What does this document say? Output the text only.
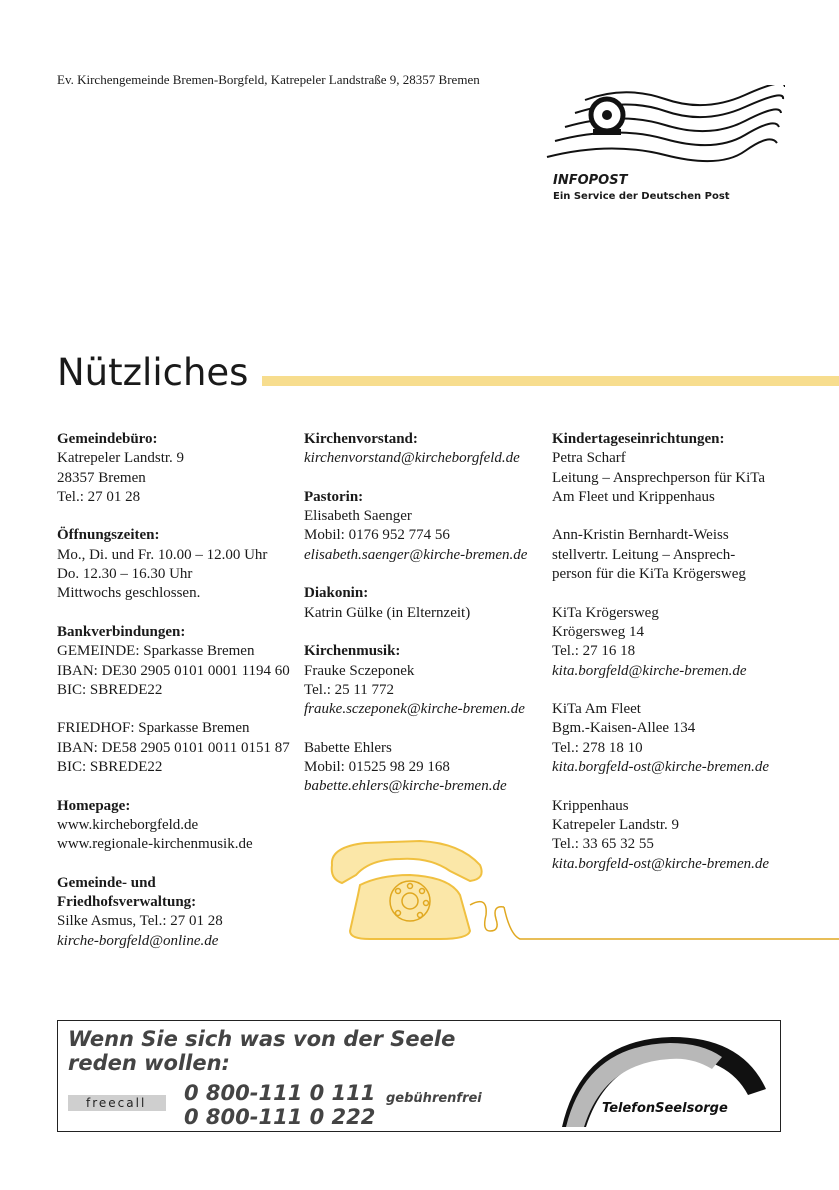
Ev. Kirchengemeinde Bremen-Borgfeld, Katrepeler Landstraße 9, 28357 Bremen
INFOPOST
Ein Service der Deutschen Post
Nützliches
Gemeindebüro:
Katrepeler Landstr. 9
28357 Bremen
Tel.: 27 01 28
Öffnungszeiten:
Mo., Di. und Fr. 10.00 – 12.00 Uhr
Do. 12.30 – 16.30 Uhr
Mittwochs geschlossen.
Bankverbindungen:
GEMEINDE: Sparkasse Bremen
IBAN: DE30 2905 0101 0001 1194 60
BIC: SBREDE22
FRIEDHOF: Sparkasse Bremen
IBAN: DE58 2905 0101 0011 0151 87
BIC: SBREDE22
Homepage:
www.kircheborgfeld.de
www.regionale-kirchenmusik.de
Gemeinde- und
Friedhofsverwaltung:
Silke Asmus, Tel.: 27 01 28
kirche-borgfeld@online.de
Kirchenvorstand:
kirchenvorstand@kircheborgfeld.de
Pastorin:
Elisabeth Saenger
Mobil: 0176 952 774 56
elisabeth.saenger@kirche-bremen.de
Diakonin:
Katrin Gülke (in Elternzeit)
Kirchenmusik:
Frauke Sczeponek
Tel.: 25 11 772
frauke.sczeponek@kirche-bremen.de
Babette Ehlers
Mobil: 01525 98 29 168
babette.ehlers@kirche-bremen.de
Kindertageseinrichtungen:
Petra Scharf
Leitung – Ansprechperson für KiTa
Am Fleet und Krippenhaus
Ann-Kristin Bernhardt-Weiss
stellvertr. Leitung – Ansprech-
person für die KiTa Krögersweg
KiTa Krögersweg
Krögersweg 14
Tel.: 27 16 18
kita.borgfeld@kirche-bremen.de
KiTa Am Fleet
Bgm.-Kaisen-Allee 134
Tel.: 278 18 10
kita.borgfeld-ost@kirche-bremen.de
Krippenhaus
Katrepeler Landstr. 9
Tel.: 33 65 32 55
kita.borgfeld-ost@kirche-bremen.de
Wenn Sie sich was von der Seele
reden wollen:
freecall	0 800-111 0 111
0 800-111 0 222
gebührenfrei
TelefonSeelsorge
